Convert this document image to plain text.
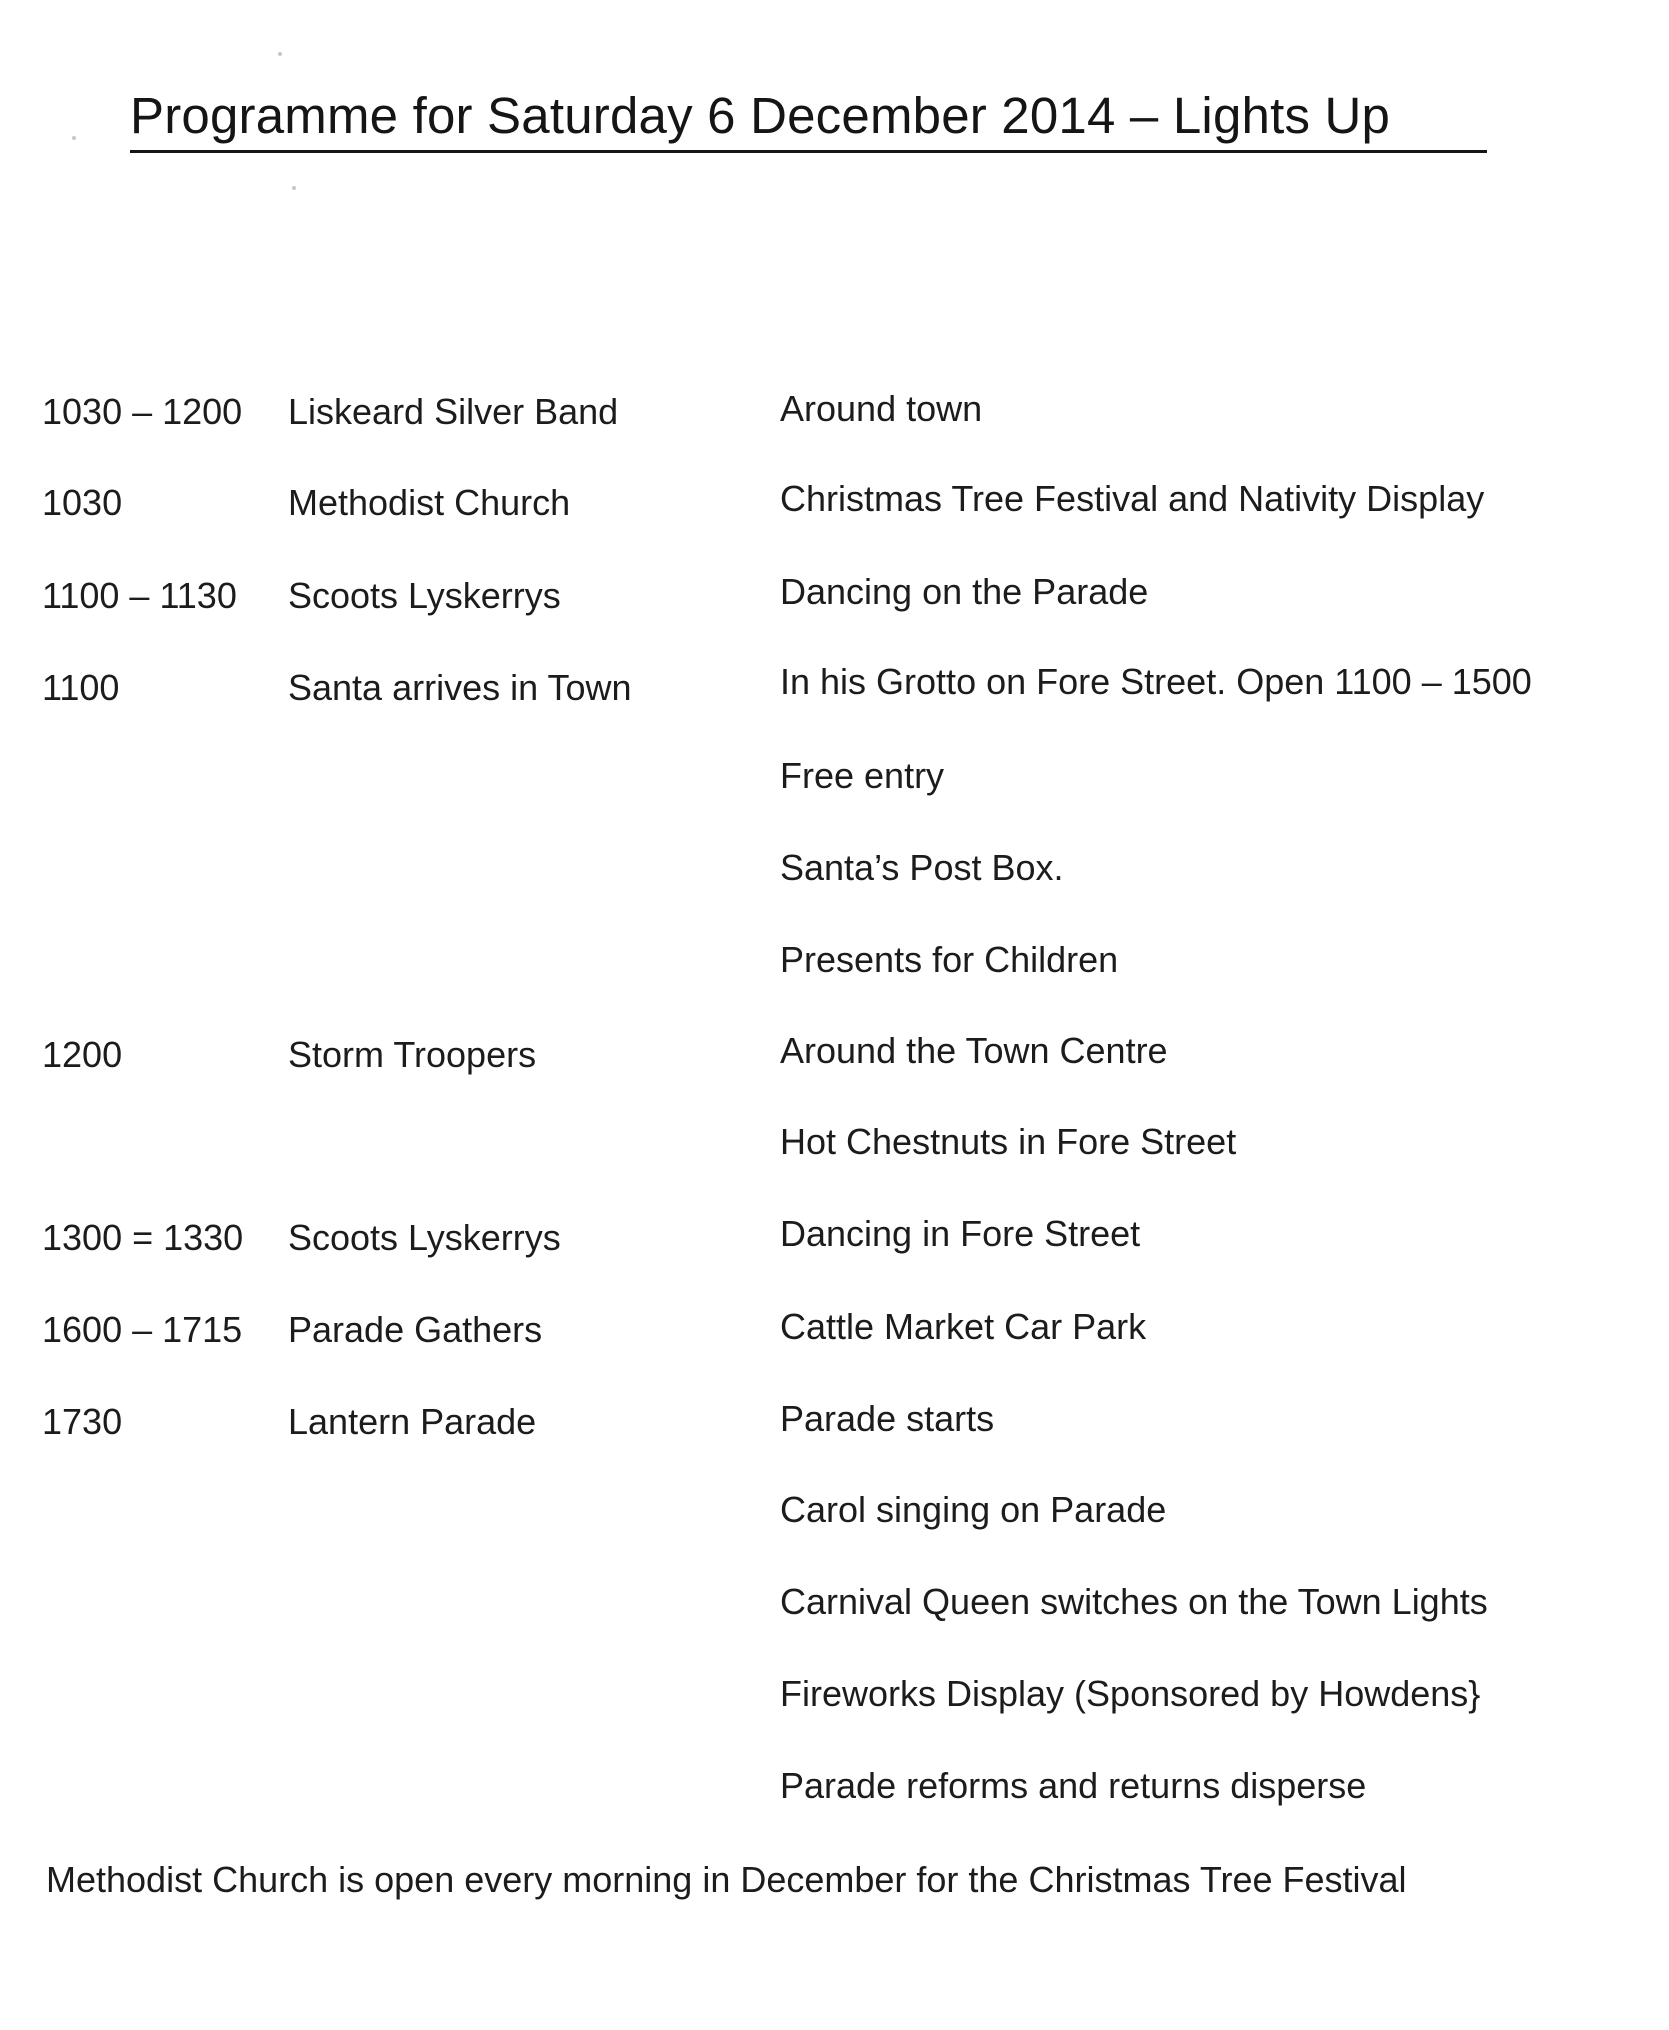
Programme for Saturday 6 December 2014 – Lights Up
1030 – 1200 Liskeard Silver Band	Around town
1030	Methodist Church	Christmas Tree Festival and Nativity Display
1100 – 1130 Scoots Lyskerrys	Dancing on the Parade
1100	Santa arrives in Town	In his Grotto on Fore Street. Open 1100 – 1500
Free entry
Santa’s Post Box.
Presents for Children
1200	Storm Troopers	Around the Town Centre
Hot Chestnuts in Fore Street
1300 = 1330 Scoots Lyskerrys	Dancing in Fore Street
1600 – 1715 Parade Gathers	Cattle Market Car Park
1730	Lantern Parade	Parade starts
Carol singing on Parade
Carnival Queen switches on the Town Lights
Fireworks Display (Sponsored by Howdens}
Parade reforms and returns disperse
Methodist Church is open every morning in December for the Christmas Tree Festival
